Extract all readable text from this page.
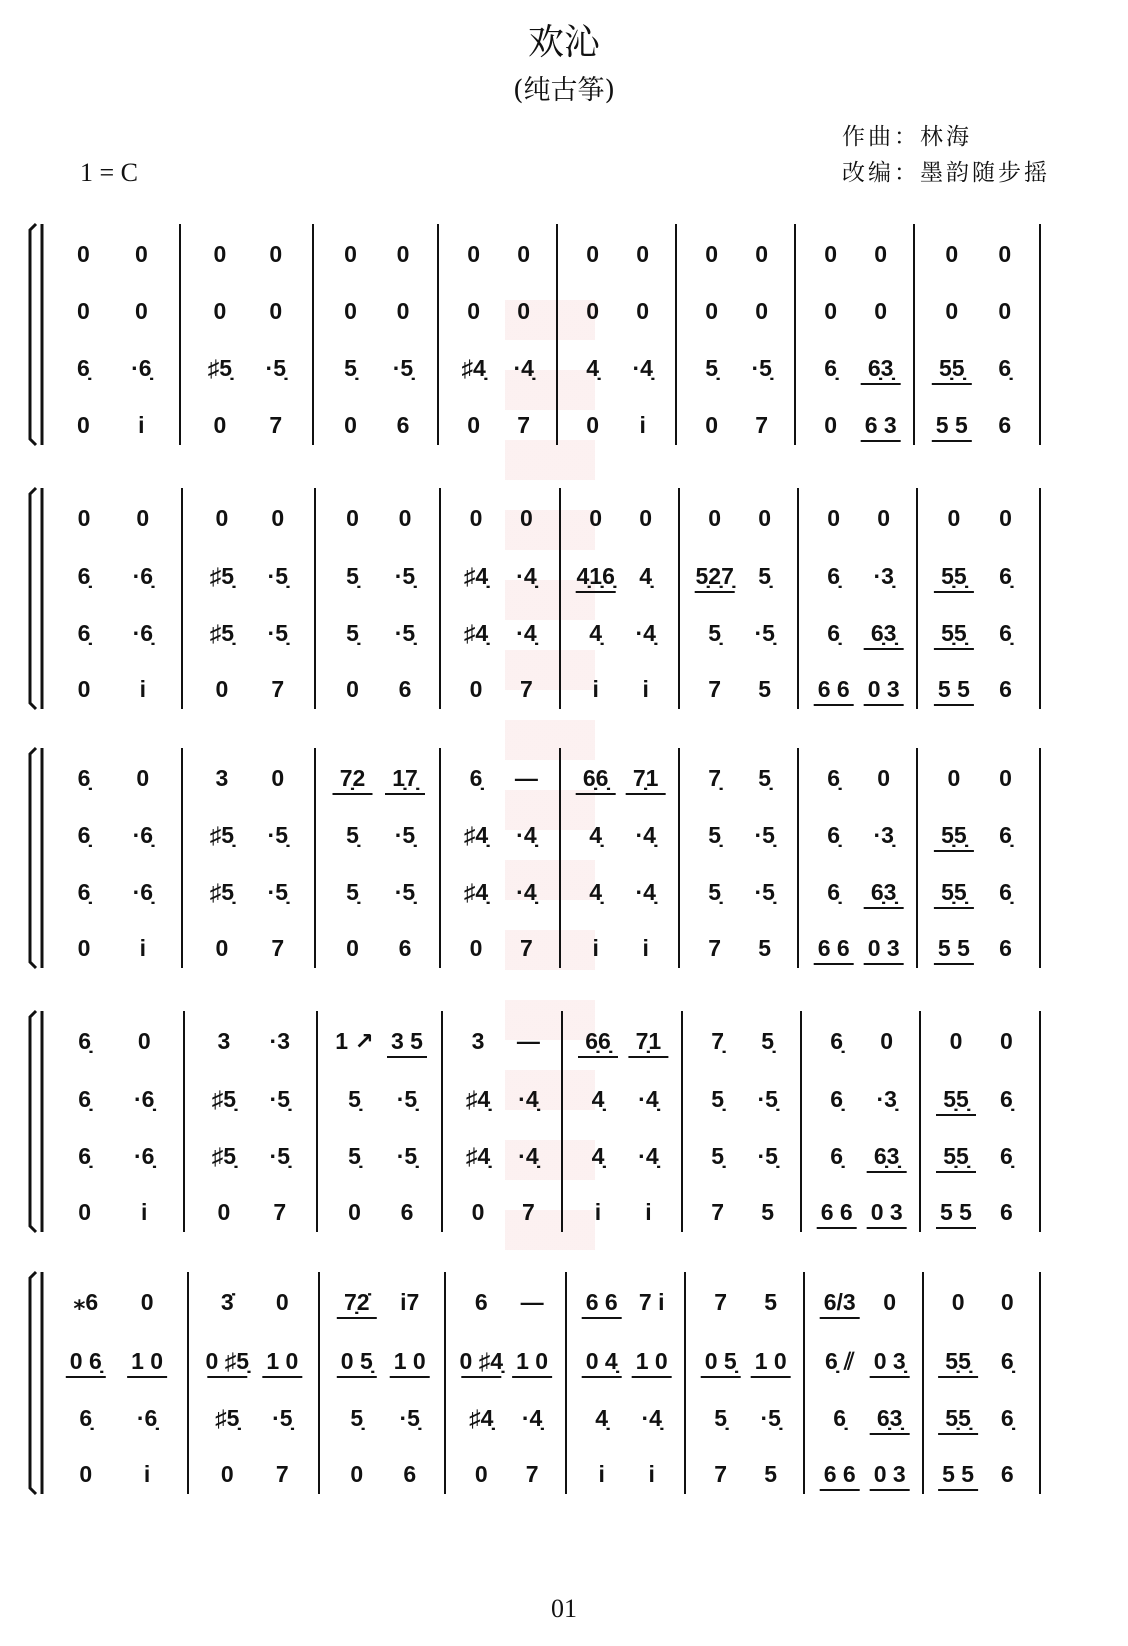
欢沁
(纯古筝)
作曲：林海
改编：墨韵随步摇
1 = C
0 0	0 0	0 0	0 0 0 0 0 0 0 0	0 0
0 0	0 0	0 0	0 0 0 0 0 0 0 0	0 0
6̣ ·6̣ ♯5̣ ·5̣	5̣ ·5̣ ♯4̣ ·4̣ 4̣ ·4̣ 5̣ ·5̣ 6̣ 6̣3̣ 5̣5̣ 6̣
0 i	0 7	0 6	0 7 0 i	0 7 0 6 3 5 5 6
0 0	0 0	0 0	0 0 0 0 0 0 0 0 0 0
6̣ ·6̣ ♯5̣ ·5̣	5̣ ·5̣ ♯4̣ ·4̣ 4̣1̣6̣ 4̣ 5̣2̣7̣ 5̣ 6̣ ·3̣ 5̣5̣ 6̣
6̣ ·6̣ ♯5̣ ·5̣	5̣ ·5̣ ♯4̣ ·4̣ 4̣ ·4̣ 5̣ ·5̣ 6̣ 6̣3̣ 5̣5̣ 6̣
0 i	0 7	0 6	0 7	i i	7 5 6 6 0 3 5 5 6
6̣ 0	3 0 7̣2 1̣7̣ 6̣ — 6̣6̣ 7̣1 7̣ 5̣ 6̣ 0 0 0
6̣ ·6̣ ♯5̣ ·5̣	5̣ ·5̣ ♯4̣ ·4̣ 4̣ ·4̣ 5̣ ·5̣ 6̣ ·3̣ 5̣5̣ 6̣
6̣ ·6̣ ♯5̣ ·5̣	5̣ ·5̣ ♯4̣ ·4̣ 4̣ ·4̣ 5̣ ·5̣ 6̣ 6̣3̣ 5̣5̣ 6̣
0 i	0 7	0 6	0 7	i i	7 5 6 6 0 3 5 5 6
6̣ 0	3 ·3 1 ↗ 3 5 3 — 6̣6̣ 7̣1 7̣ 5̣ 6̣ 0 0 0
6̣ ·6̣ ♯5̣ ·5̣	5̣ ·5̣ ♯4̣ ·4̣ 4̣ ·4̣ 5̣ ·5̣ 6̣ ·3̣ 5̣5̣ 6̣
6̣ ·6̣ ♯5̣ ·5̣	5̣ ·5̣ ♯4̣ ·4̣ 4̣ ·4̣ 5̣ ·5̣ 6̣ 6̣3̣ 5̣5̣ 6̣
0 i	0 7	0 6	0 7	i i	7 5 6 6 0 3 5 5 6
⁎6 0	3̇ 0 7̣2̇ i7 6 — 6 6 7 i 7 5 6/3 0 0 0
0 6̣ 1 0 0 ♯5̣ 1 0 0 5̣ 1 0 0 ♯4̣ 1 0 0 4̣ 1 0 0 5̣ 1 0 6̣ ⫽ 0 3̣ 5̣5̣ 6̣
6̣ ·6̣	♯5̣ ·5̣	5̣ ·5̣ ♯4̣ ·4̣ 4̣ ·4̣ 5̣ ·5̣ 6̣ 6̣3̣ 5̣5̣ 6̣
0 i	0 7	0 6	0 7	i i	7 5 6 6 0 3 5 5 6
01
